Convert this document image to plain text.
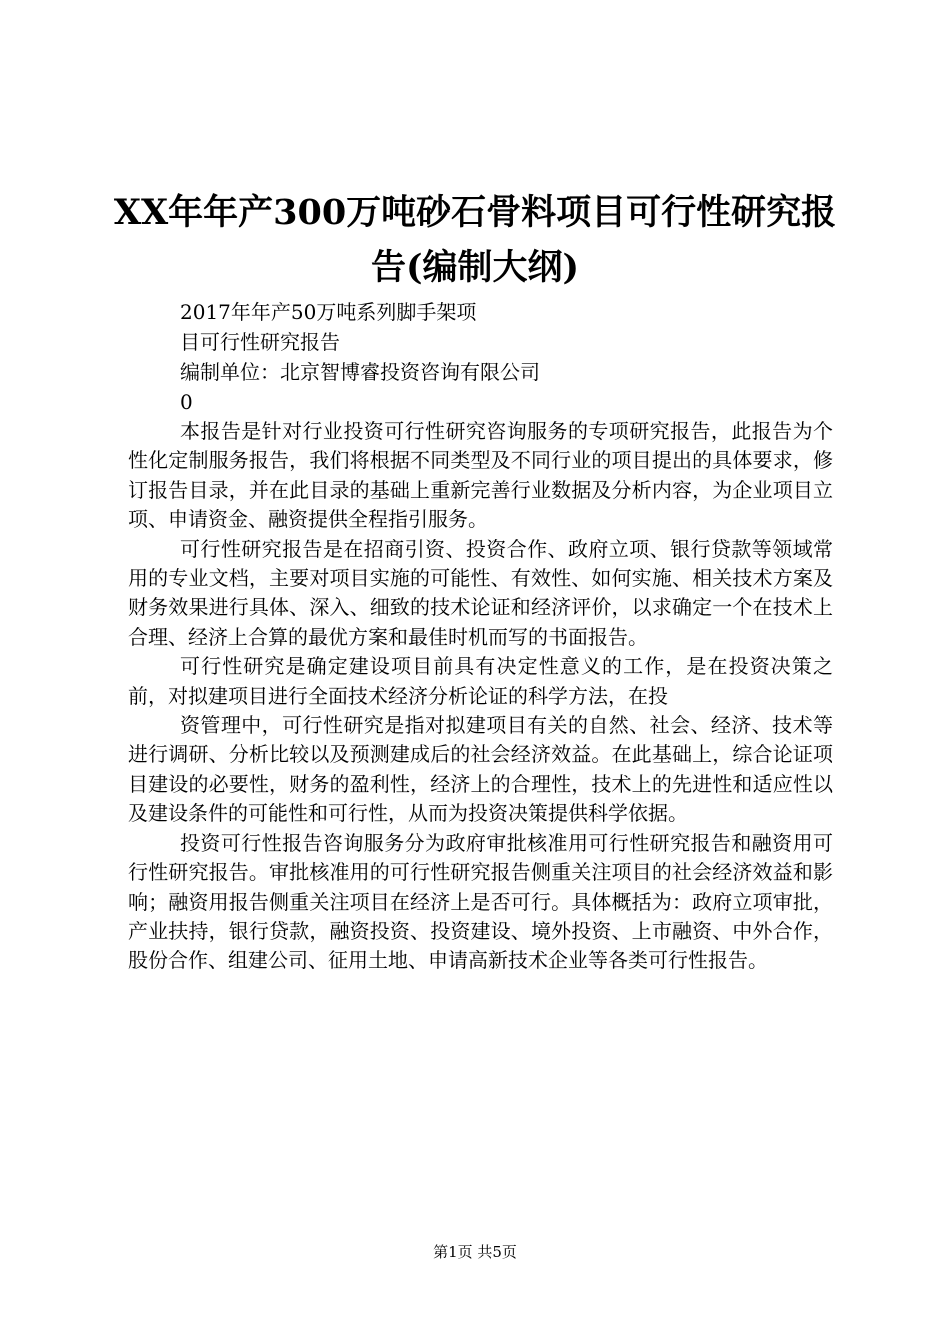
XX年年产300万吨砂石骨料项目可行性研究报
告(编制大纲)
2017年年产50万吨系列脚手架项
目可行性研究报告
编制单位：北京智博睿投资咨询有限公司
0

本报告是针对行业投资可行性研究咨询服务的专项研究报告，此报告为个性化定制服务报告，我们将根据不同类型及不同行业的项目提出的具体要求，修订报告目录，并在此目录的基础上重新完善行业数据及分析内容，为企业项目立项、申请资金、融资提供全程指引服务。

可行性研究报告是在招商引资、投资合作、政府立项、银行贷款等领域常用的专业文档，主要对项目实施的可能性、有效性、如何实施、相关技术方案及财务效果进行具体、深入、细致的技术论证和经济评价，以求确定一个在技术上合理、经济上合算的最优方案和最佳时机而写的书面报告。

可行性研究是确定建设项目前具有决定性意义的工作，是在投资决策之前，对拟建项目进行全面技术经济分析论证的科学方法，在投

资管理中，可行性研究是指对拟建项目有关的自然、社会、经济、技术等进行调研、分析比较以及预测建成后的社会经济效益。在此基础上，综合论证项目建设的必要性，财务的盈利性，经济上的合理性，技术上的先进性和适应性以及建设条件的可能性和可行性，从而为投资决策提供科学依据。

投资可行性报告咨询服务分为政府审批核准用可行性研究报告和融资用可行性研究报告。审批核准用的可行性研究报告侧重关注项目的社会经济效益和影响；融资用报告侧重关注项目在经济上是否可行。具体概括为：政府立项审批，产业扶持，银行贷款，融资投资、投资建设、境外投资、上市融资、中外合作，股份合作、组建公司、征用土地、申请高新技术企业等各类可行性报告。

第1页 共5页
